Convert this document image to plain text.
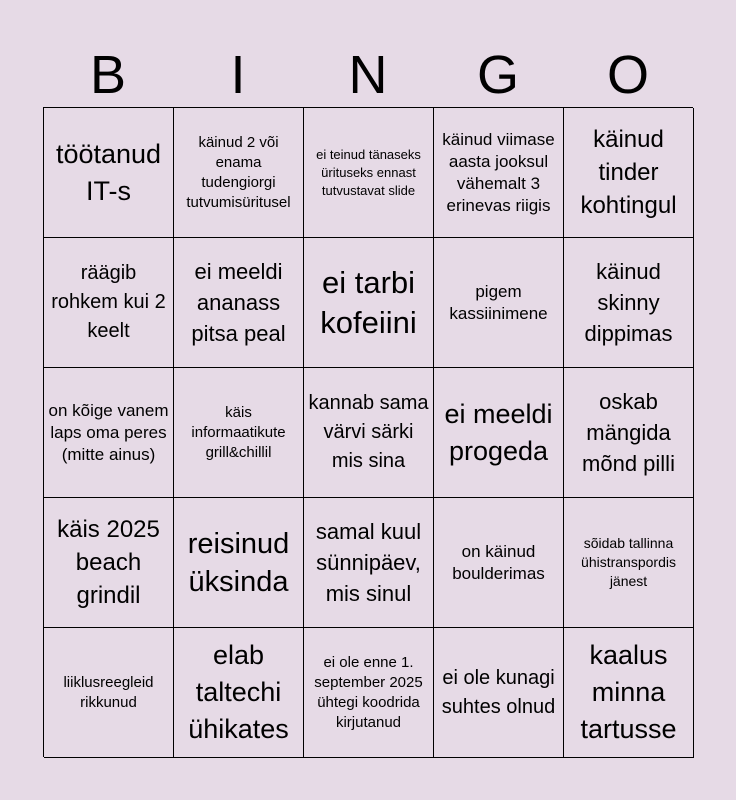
B	I	N	G	O
töötanud IT-s
käinud 2 või enama tudengiorgi tutvumisüritusel
ei teinud tänaseks ürituseks ennast tutvustavat slide
käinud viimase aasta jooksul vähemalt 3 erinevas riigis
käinud tinder kohtingul
räägib rohkem kui 2 keelt
ei meeldi ananass pitsa peal
ei tarbi kofeiini
pigem kassiinimene
käinud skinny dippimas
on kõige vanem laps oma peres (mitte ainus)
käis informaatikute grill&chillil
kannab sama värvi särki mis sina
ei meeldi progeda
oskab mängida mõnd pilli
käis 2025 beach grindil
reisinud üksinda
samal kuul sünnipäev, mis sinul
on käinud boulderimas
sõidab tallinna ühistranspordis jänest
liiklusreegleid rikkunud
elab taltechi ühikates
ei ole enne 1. september 2025 ühtegi koodrida kirjutanud
ei ole kunagi suhtes olnud
kaalus minna tartusse
